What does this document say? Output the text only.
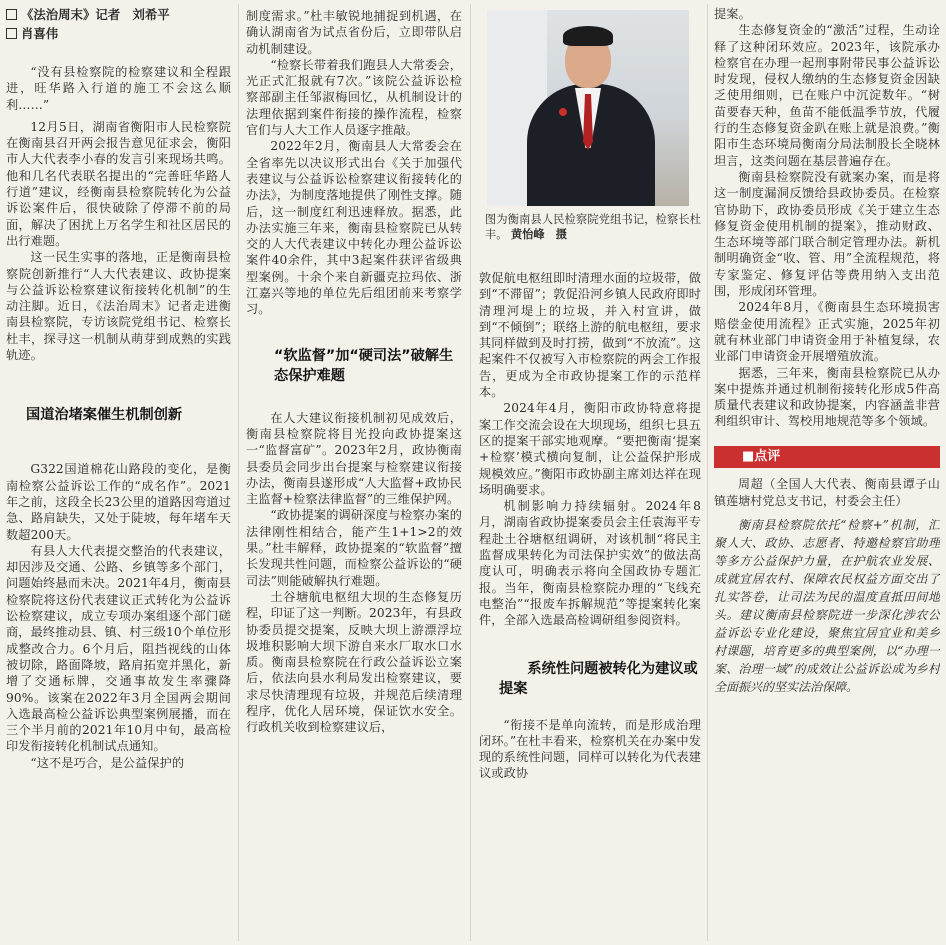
《法治周末》记者　刘希平
肖喜伟

“没有县检察院的检察建议和全程跟进，旺华路入行道的施工不会这么顺利……”

12月5日，湖南省衡阳市人民检察院在衡南县召开两会报告意见征求会，衡阳市人大代表李小春的发言引来现场共鸣。他和几名代表联名提出的“完善旺华路人行道”建议，经衡南县检察院转化为公益诉讼案件后，很快破除了停滞不前的局面，解决了困扰上万名学生和社区居民的出行难题。

这一民生实事的落地，正是衡南县检察院创新推行“人大代表建议、政协提案与公益诉讼检察建议衔接转化机制”的生动注脚。近日，《法治周末》记者走进衡南县检察院，专访该院党组书记、检察长杜丰，探寻这一机制从萌芽到成熟的实践轨迹。

国道治堵案催生机制创新

G322国道棉花山路段的变化，是衡南检察公益诉讼工作的“成名作”。2021年之前，这段全长23公里的道路因弯道过急、路肩缺失，又处于陡坡，每年堵车天数超200天。

有县人大代表提交整治的代表建议，却因涉及交通、公路、乡镇等多个部门，问题始终悬而未决。2021年4月，衡南县检察院将这份代表建议正式转化为公益诉讼检察建议，成立专项办案组逐个部门磋商，最终推动县、镇、村三级10个单位形成整改合力。6个月后，阻挡视线的山体被切除，路面降坡，路肩拓宽并黑化，新增了交通标牌，交通事故发生率骤降90%。该案在2022年3月全国两会期间入选最高检公益诉讼典型案例展播，而在三个半月前的2021年10月中旬，最高检印发衔接转化机制试点通知。

“这不是巧合，是公益保护的

制度需求。”杜丰敏锐地捕捉到机遇，在确认湖南省为试点省份后，立即带队启动机制建设。

“检察长带着我们跑县人大常委会，光正式汇报就有7次。”该院公益诉讼检察部副主任邹淑梅回忆，从机制设计的法理依据到案件衔接的操作流程，检察官们与人大工作人员逐字推敲。

2022年2月，衡南县人大常委会在全省率先以决议形式出台《关于加强代表建议与公益诉讼检察建议衔接转化的办法》，为制度落地提供了刚性支撑。随后，这一制度红利迅速释放。据悉，此办法实施三年来，衡南县检察院已从转交的人大代表建议中转化办理公益诉讼案件40余件，其中3起案件获评省级典型案例。十余个来自新疆克拉玛依、浙江嘉兴等地的单位先后组团前来考察学习。

“软监督”加“硬司法”破解生态保护难题

在人大建议衔接机制初见成效后，衡南县检察院将目光投向政协提案这一“监督富矿”。2023年2月，政协衡南县委员会同步出台提案与检察建议衔接办法，衡南县遂形成“人大监督+政协民主监督+检察法律监督”的三维保护网。

“政协提案的调研深度与检察办案的法律刚性相结合，能产生1+1>2的效果。”杜丰解释，政协提案的“软监督”擅长发现共性问题，而检察公益诉讼的“硬司法”则能破解执行难题。

土谷塘航电枢纽大坝的生态修复历程，印证了这一判断。2023年，有县政协委员提交提案，反映大坝上游漂浮垃圾堆积影响大坝下游自来水厂取水口水质。衡南县检察院在行政公益诉讼立案后，依法向县水利局发出检察建议，要求尽快清理现有垃圾，并规范后续清理程序，优化人居环境，保证饮水安全。行政机关收到检察建议后，

图为衡南县人民检察院党组书记，检察长杜丰。 黄怡峰　摄

敦促航电枢纽即时清理水面的垃圾带，做到“不滞留”；敦促沿河乡镇人民政府即时清理河堤上的垃圾，并入村宣讲，做到“不倾倒”；联络上游的航电枢纽，要求其同样做到及时打捞，做到“不放流”。这起案件不仅被写入市检察院的两会工作报告，更成为全市政协提案工作的示范样本。

2024年4月，衡阳市政协特意将提案工作交流会设在大坝现场，组织七县五区的提案干部实地观摩。“要把衡南‘提案+检察’模式横向复制，让公益保护形成规模效应。”衡阳市政协副主席刘达祥在现场明确要求。

机制影响力持续辐射。2024年8月，湖南省政协提案委员会主任袁海平专程赴土谷塘枢纽调研，对该机制“将民主监督成果转化为司法保护实效”的做法高度认可，明确表示将向全国政协专题汇报。当年，衡南县检察院办理的“飞线充电整治”“报废车拆解规范”等提案转化案件，全部入选最高检调研组参阅资料。

系统性问题被转化为建议或提案

“衔接不是单向流转，而是形成治理闭环。”在杜丰看来，检察机关在办案中发现的系统性问题，同样可以转化为代表建议或政协

提案。

生态修复资金的“激活”过程，生动诠释了这种闭环效应。2023年，该院承办检察官在办理一起刑事附带民事公益诉讼时发现，侵权人缴纳的生态修复资金因缺乏使用细则，已在账户中沉淀数年。“树苗要春天种，鱼苗不能低温季节放，代履行的生态修复资金趴在账上就是浪费。”衡阳市生态环境局衡南分局法制股长全晓林坦言，这类问题在基层普遍存在。

衡南县检察院没有就案办案，而是将这一制度漏洞反馈给县政协委员。在检察官协助下，政协委员形成《关于建立生态修复资金使用机制的提案》，推动财政、生态环境等部门联合制定管理办法。新机制明确资金“收、管、用”全流程规范，将专家鉴定、修复评估等费用纳入支出范围，形成闭环管理。

2024年8月，《衡南县生态环境损害赔偿金使用流程》正式实施，2025年初就有林业部门申请资金用于补植复绿，农业部门申请资金开展增殖放流。

据悉，三年来，衡南县检察院已从办案中提炼并通过机制衔接转化形成5件高质量代表建议和政协提案，内容涵盖非营利组织审计、驾校用地规范等多个领域。

■点评

周超（全国人大代表、衡南县谭子山镇莲塘村党总支书记，村委会主任）

衡南县检察院依托“检察+”机制，汇聚人大、政协、志愿者、特邀检察官助理等多方公益保护力量，在护航农业发展、成就宜居农村、保障农民权益方面交出了扎实答卷，让司法为民的温度直抵田间地头。建议衡南县检察院进一步深化涉农公益诉讼专业化建设，聚焦宜居宜业和美乡村课题，培育更多的典型案例，以“办理一案、治理一域”的成效让公益诉讼成为乡村全面振兴的坚实法治保障。
